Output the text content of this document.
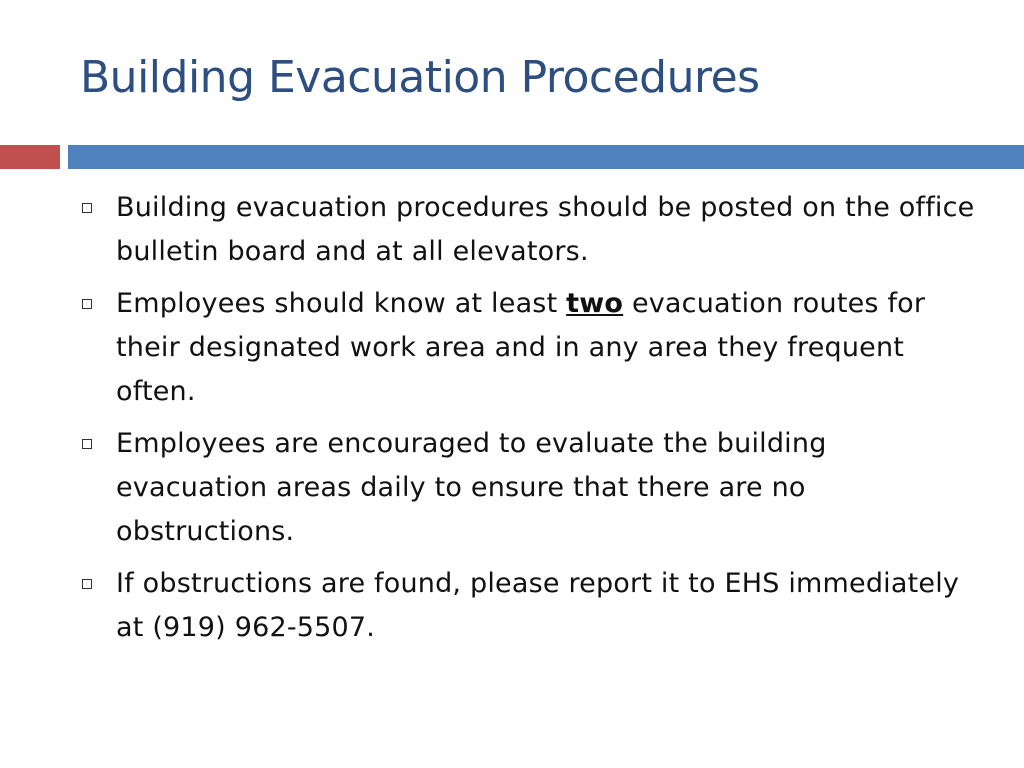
Building Evacuation Procedures
Building evacuation procedures should be posted on the office bulletin board and at all elevators.
Employees should know at least two evacuation routes for their designated work area and in any area they frequent often.
Employees are encouraged to evaluate the building evacuation areas daily to ensure that there are no obstructions.
If obstructions are found, please report it to EHS immediately at (919) 962-5507.
